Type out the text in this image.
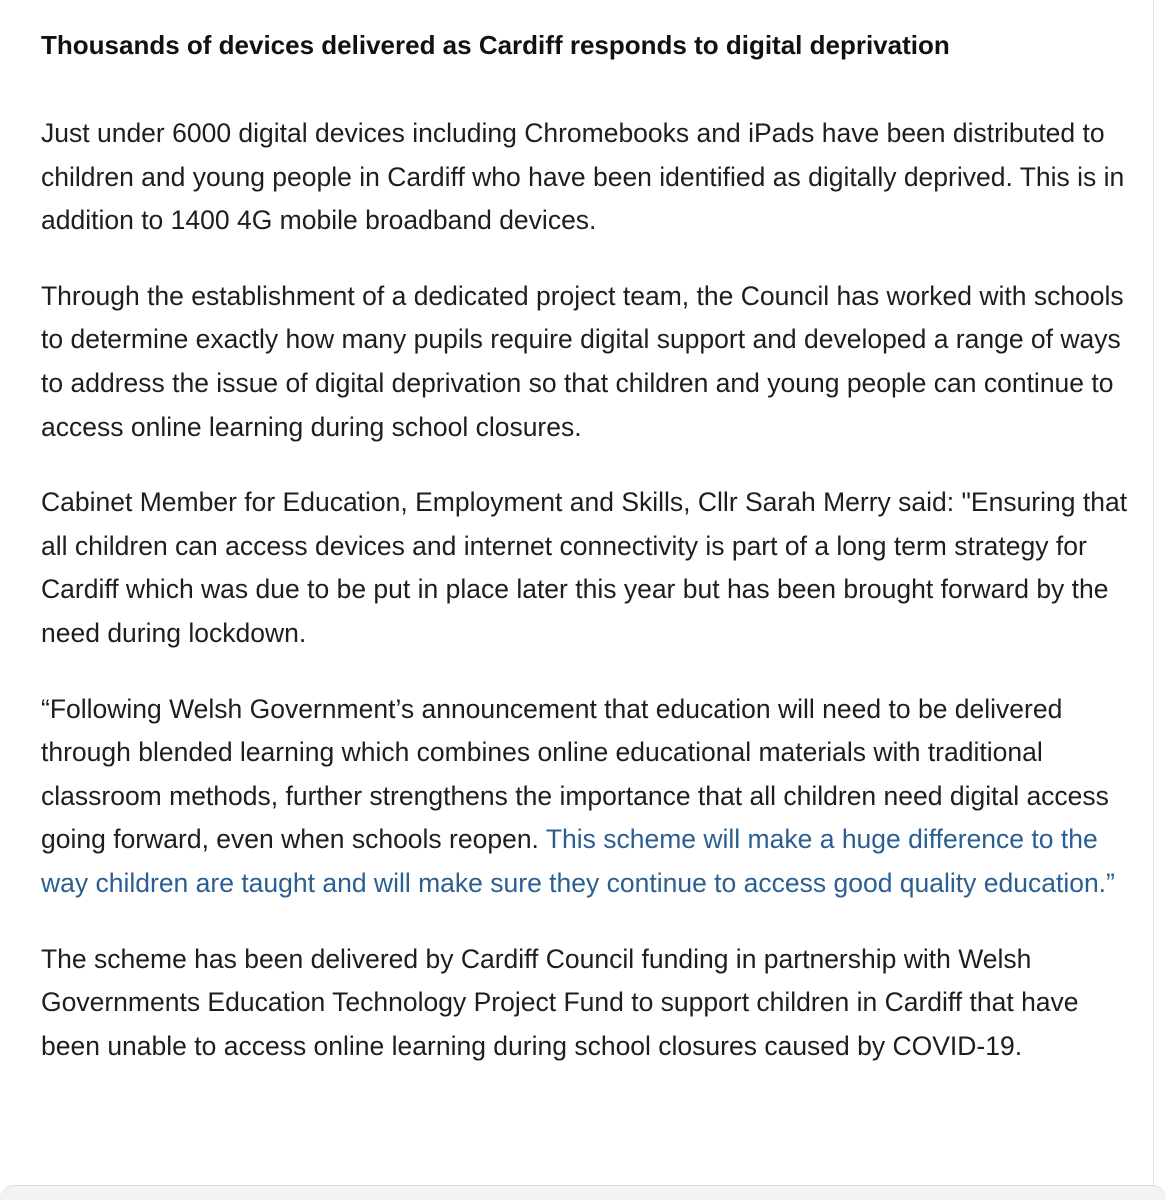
Thousands of devices delivered as Cardiff responds to digital deprivation

Just under 6000 digital devices including Chromebooks and iPads have been distributed to children and young people in Cardiff who have been identified as digitally deprived. This is in addition to 1400 4G mobile broadband devices.

Through the establishment of a dedicated project team, the Council has worked with schools to determine exactly how many pupils require digital support and developed a range of ways to address the issue of digital deprivation so that children and young people can continue to access online learning during school closures.

Cabinet Member for Education, Employment and Skills, Cllr Sarah Merry said: "Ensuring that all children can access devices and internet connectivity is part of a long term strategy for Cardiff which was due to be put in place later this year but has been brought forward by the need during lockdown.

“Following Welsh Government’s announcement that education will need to be delivered through blended learning which combines online educational materials with traditional classroom methods, further strengthens the importance that all children need digital access going forward, even when schools reopen. This scheme will make a huge difference to the way children are taught and will make sure they continue to access good quality education.”

The scheme has been delivered by Cardiff Council funding in partnership with Welsh Governments Education Technology Project Fund to support children in Cardiff that have been unable to access online learning during school closures caused by COVID-19.
